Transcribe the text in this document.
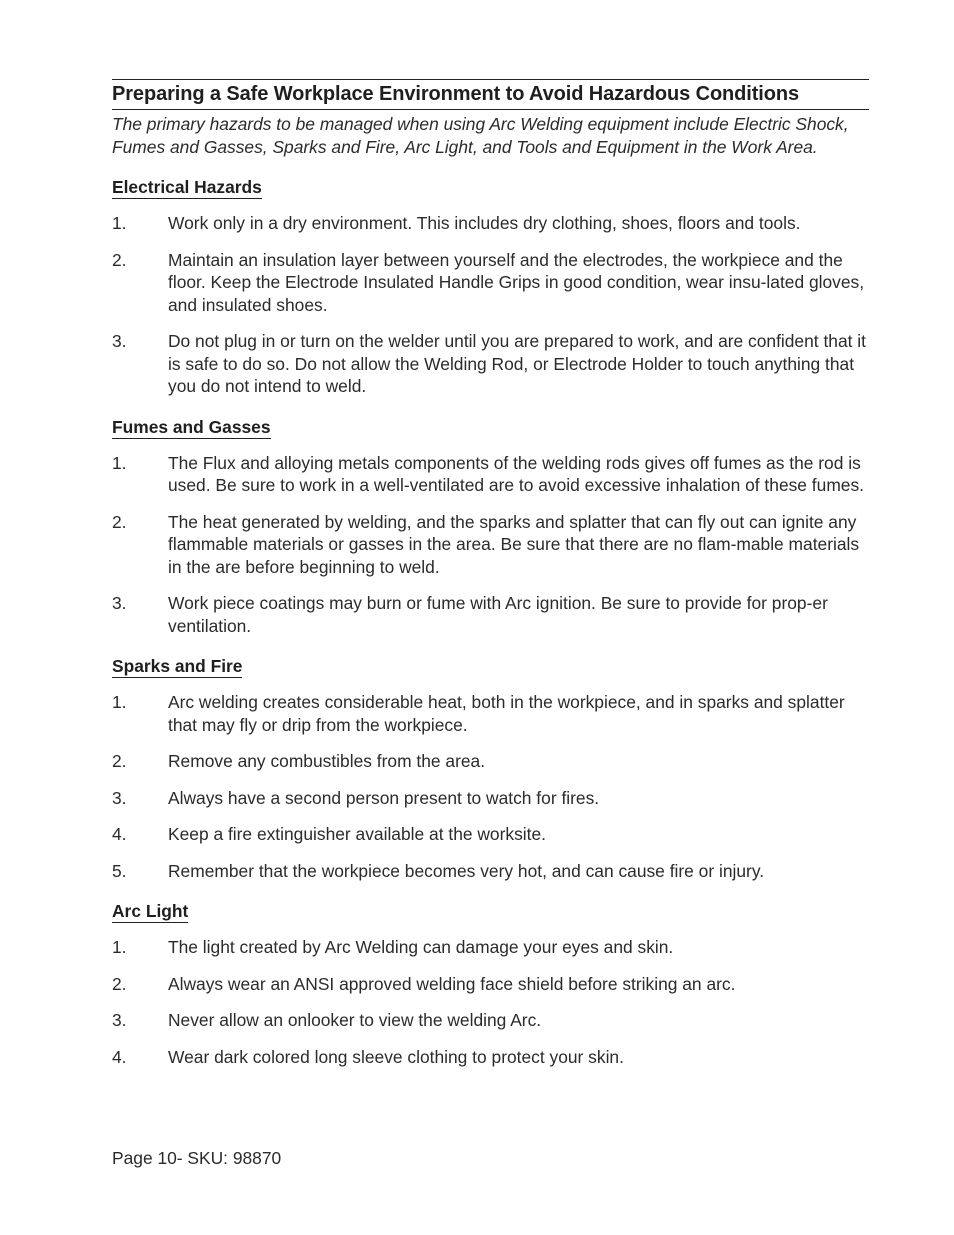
Preparing a Safe Workplace Environment to Avoid Hazardous Conditions
The primary hazards to be managed when using Arc Welding equipment include Electric Shock, Fumes and Gasses, Sparks and Fire, Arc Light, and Tools and Equipment in the Work Area.
Electrical Hazards
1.	Work only in a dry environment. This includes dry clothing, shoes, floors and tools.
2.	Maintain an insulation layer between yourself and the electrodes, the workpiece and the floor. Keep the Electrode Insulated Handle Grips in good condition, wear insu-lated gloves, and insulated shoes.
3.	Do not plug in or turn on the welder until you are prepared to work, and are confident that it is safe to do so. Do not allow the Welding Rod, or Electrode Holder to touch anything that you do not intend to weld.
Fumes and Gasses
1.	The Flux and alloying metals components of the welding rods gives off fumes as the rod is used. Be sure to work in a well-ventilated are to avoid excessive inhalation of these fumes.
2.	The heat generated by welding, and the sparks and splatter that can fly out can ignite any flammable materials or gasses in the area. Be sure that there are no flam-mable materials in the are before beginning to weld.
3.	Work piece coatings may burn or fume with Arc ignition. Be sure to provide for prop-er ventilation.
Sparks and Fire
1.	Arc welding creates considerable heat, both in the workpiece, and in sparks and splatter that may fly or drip from the workpiece.
2.	Remove any combustibles from the area.
3.	Always have a second person present to watch for fires.
4.	Keep a fire extinguisher available at the worksite.
5.	Remember that the workpiece becomes very hot, and can cause fire or injury.
Arc Light
1.	The light created by Arc Welding can damage your eyes and skin.
2.	Always wear an ANSI approved welding face shield before striking an arc.
3.	Never allow an onlooker to view the welding Arc.
4.	Wear dark colored long sleeve clothing to protect your skin.
Page 10- SKU: 98870
